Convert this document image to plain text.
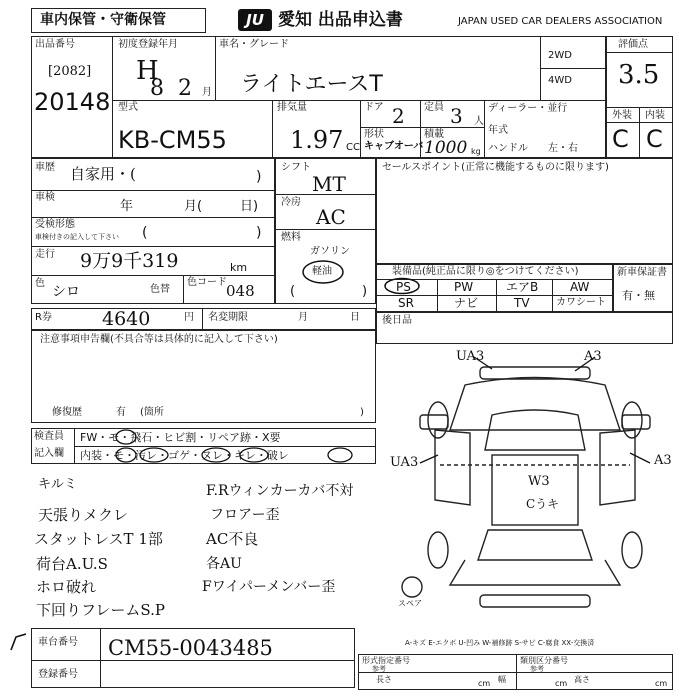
車内保管・守衛保管	JU 愛知 出品申込書	JAPAN USED CAR DEALERS ASSOCIATION
出品番号
[2082]
20148
初度登録年月
H
8 2 月
車名・グレード
ライトエースT
2WD
4WD
評価点
3.5
外装 内装
C C
型式
KB-CM55
排気量
1.97 CC
ドア 2 定員 3 人
形状
キャブオーバ
積載
1000 kg
ディーラー・並行
年式
ハンドル 左・右
車歴 自家用・(	)
車検
年	月(	日)
受検形態
車検付きの記入して下さい (	)
走行 9万9千319	km
色
シロ	色替
色コード 048
シフト
MT
冷房
AC
燃料
ガソリン
軽油
(	)
セールスポイント(正常に機能するものに限ります)
装備品(純正品に限り◎をつけてください)
PS	PW	エアB	AW
SR	ナビ	TV	カワシート
新車保証書
有・無
R券	4640	円 名変期限	月	日 後日品
注意事項申告欄(不具合等は具体的に記入して下さい)
修復歴	有 (箇所	)
検査員
記入欄
FW・モ・飛石・ヒビ割・リペア跡・X要
内装・モ・汚レ・ゴゲ・ヌレ・キレ・破レ
キルミ
天張りメクレ
スタットレスT 1部
荷台A.U.S
ホロ破れ
下回りフレームS.P
F.Rウィンカーカバ不対
フロアー歪
AC不良
各AU
Fワイパーメンバー歪
UA3	A3
UA3	A3
W3
Cうキ
スペア
A-キズ E-エクボ U-凹み W-補修跡 S-サビ C-腐食 XX-交換済
車台番号 CM55-0043485
登録番号
形式指定番号
参考
類別区分番号
参考
長さ	cm 幅	cm 高さ	cm
